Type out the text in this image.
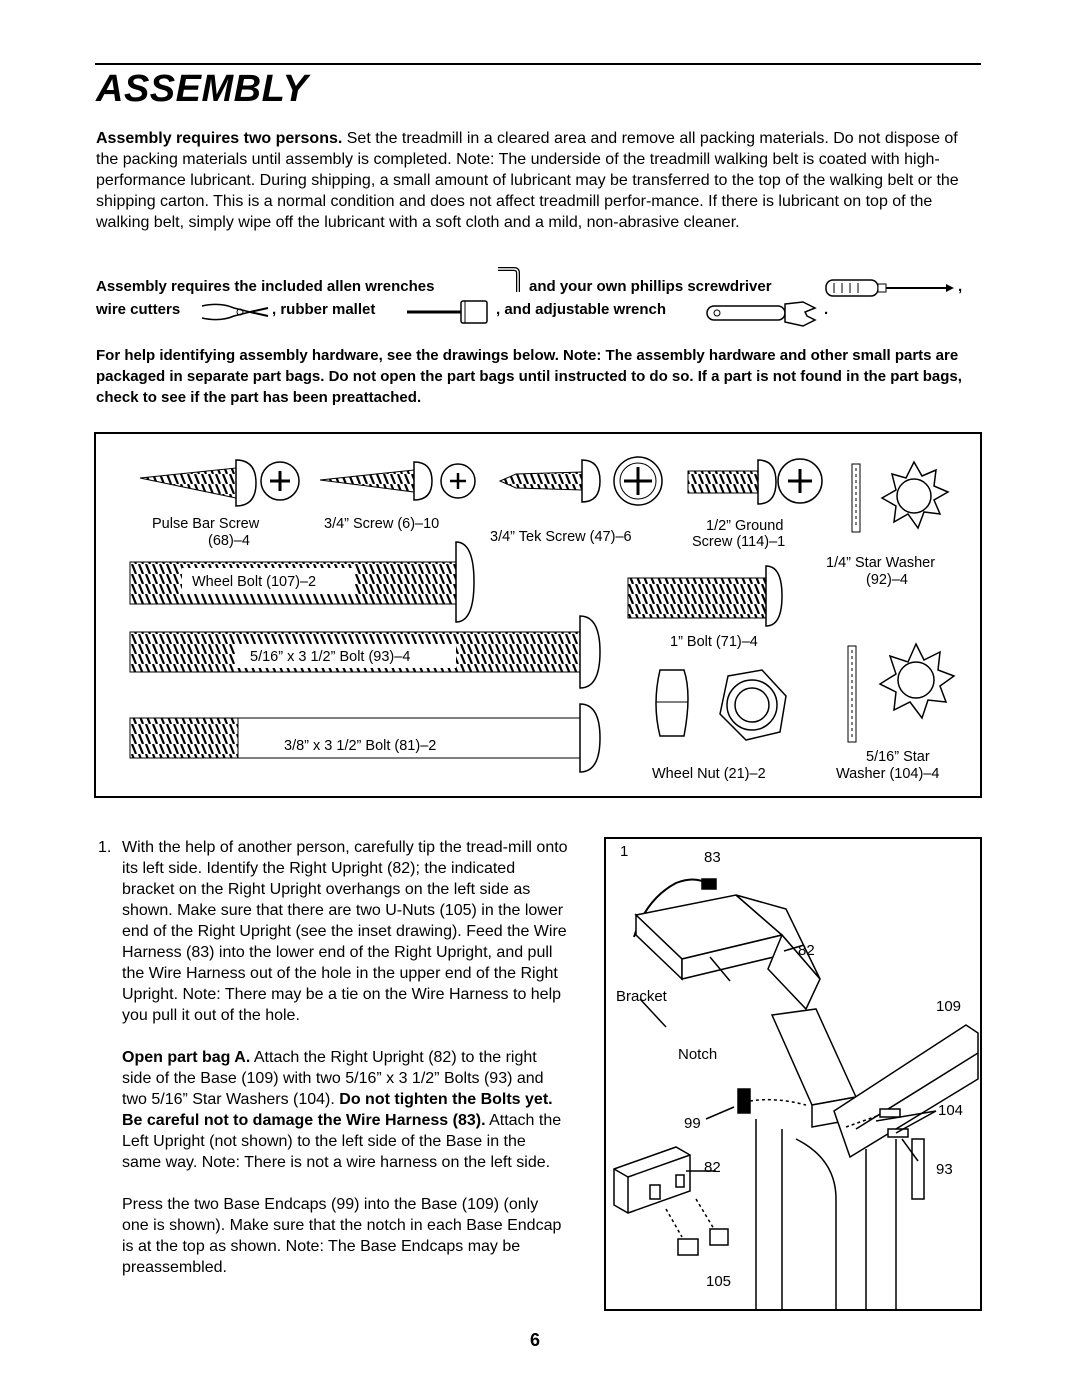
ASSEMBLY
Assembly requires two persons. Set the treadmill in a cleared area and remove all packing materials. Do not dispose of the packing materials until assembly is completed. Note: The underside of the treadmill walking belt is coated with high-performance lubricant. During shipping, a small amount of lubricant may be transferred to the top of the walking belt or the shipping carton. This is a normal condition and does not affect treadmill perfor-mance. If there is lubricant on top of the walking belt, simply wipe off the lubricant with a soft cloth and a mild, non-abrasive cleaner.
Assembly requires the included allen wrenches	and your own phillips screwdriver	,
wire cutters	, rubber mallet	, and adjustable wrench	.
For help identifying assembly hardware, see the drawings below. Note: The assembly hardware and other small parts are packaged in separate part bags. Do not open the part bags until instructed to do so. If a part is not found in the part bags, check to see if the part has been preattached.
Pulse Bar Screw
(68)–4
3/4” Screw (6)–10
3/4” Tek Screw (47)–6
1/2” Ground
Screw (114)–1
1/4” Star Washer
(92)–4
Wheel Bolt (107)–2
1” Bolt (71)–4
5/16” x 3 1/2” Bolt (93)–4
3/8” x 3 1/2” Bolt (81)–2
Wheel Nut (21)–2
5/16” Star
Washer (104)–4
1. With the help of another person, carefully tip the tread-mill onto its left side. Identify the Right Upright (82); the indicated bracket on the Right Upright overhangs on the left side as shown. Make sure that there are two U-Nuts (105) in the lower end of the Right Upright (see the inset drawing). Feed the Wire Harness (83) into the lower end of the Right Upright, and pull the Wire Harness out of the hole in the upper end of the Right Upright. Note: There may be a tie on the Wire Harness to help you pull it out of the hole.

Open part bag A. Attach the Right Upright (82) to the right side of the Base (109) with two 5/16” x 3 1/2” Bolts (93) and two 5/16” Star Washers (104). Do not tighten the Bolts yet. Be careful not to damage the Wire Harness (83). Attach the Left Upright (not shown) to the left side of the Base in the same way. Note: There is not a wire harness on the left side.

Press the two Base Endcaps (99) into the Base (109) (only one is shown). Make sure that the notch in each Base Endcap is at the top as shown. Note: The Base Endcaps may be preassembled.

1	83
82
Bracket
109
Notch
104
99
82	93
105
6
